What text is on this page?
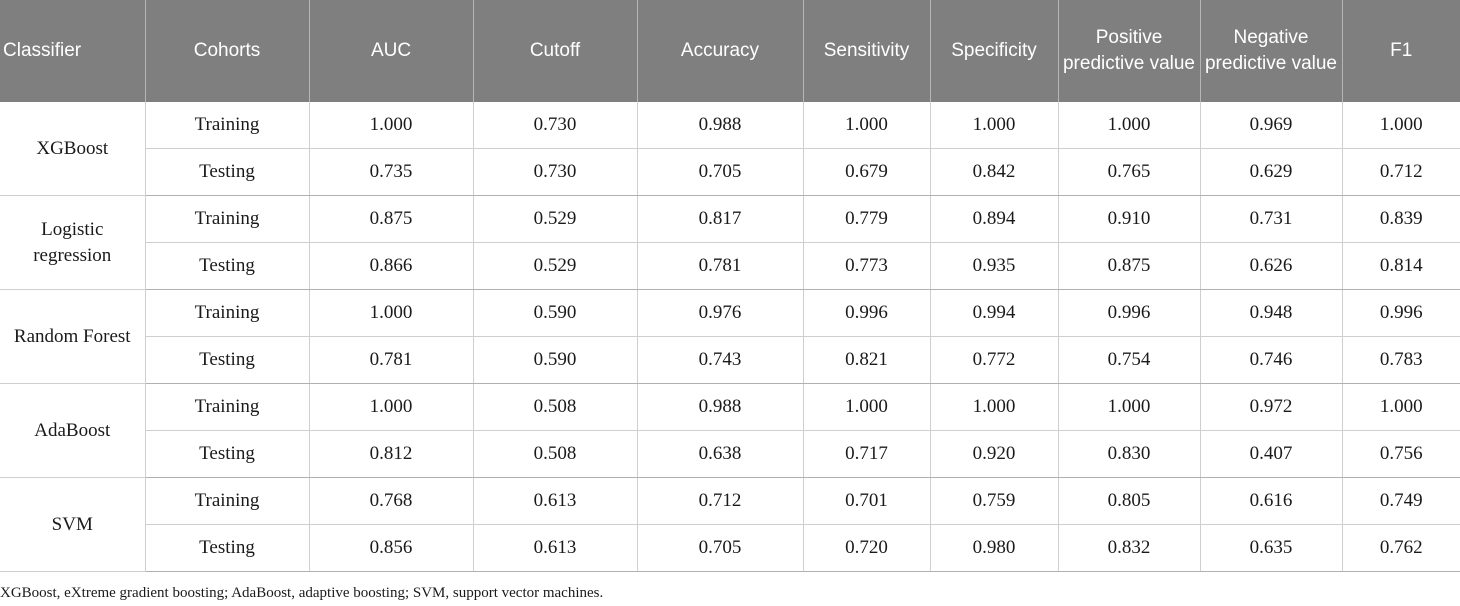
Classifier	Cohorts	AUC	Cutoff	Accuracy	Sensitivity	Specificity	Positive predictive value	Negative predictive value	F1
XGBoost	Training	1.000	0.730	0.988	1.000	1.000	1.000	0.969	1.000
	Testing	0.735	0.730	0.705	0.679	0.842	0.765	0.629	0.712
Logistic regression	Training	0.875	0.529	0.817	0.779	0.894	0.910	0.731	0.839
	Testing	0.866	0.529	0.781	0.773	0.935	0.875	0.626	0.814
Random Forest	Training	1.000	0.590	0.976	0.996	0.994	0.996	0.948	0.996
	Testing	0.781	0.590	0.743	0.821	0.772	0.754	0.746	0.783
AdaBoost	Training	1.000	0.508	0.988	1.000	1.000	1.000	0.972	1.000
	Testing	0.812	0.508	0.638	0.717	0.920	0.830	0.407	0.756
SVM	Training	0.768	0.613	0.712	0.701	0.759	0.805	0.616	0.749
	Testing	0.856	0.613	0.705	0.720	0.980	0.832	0.635	0.762
XGBoost, eXtreme gradient boosting; AdaBoost, adaptive boosting; SVM, support vector machines.
